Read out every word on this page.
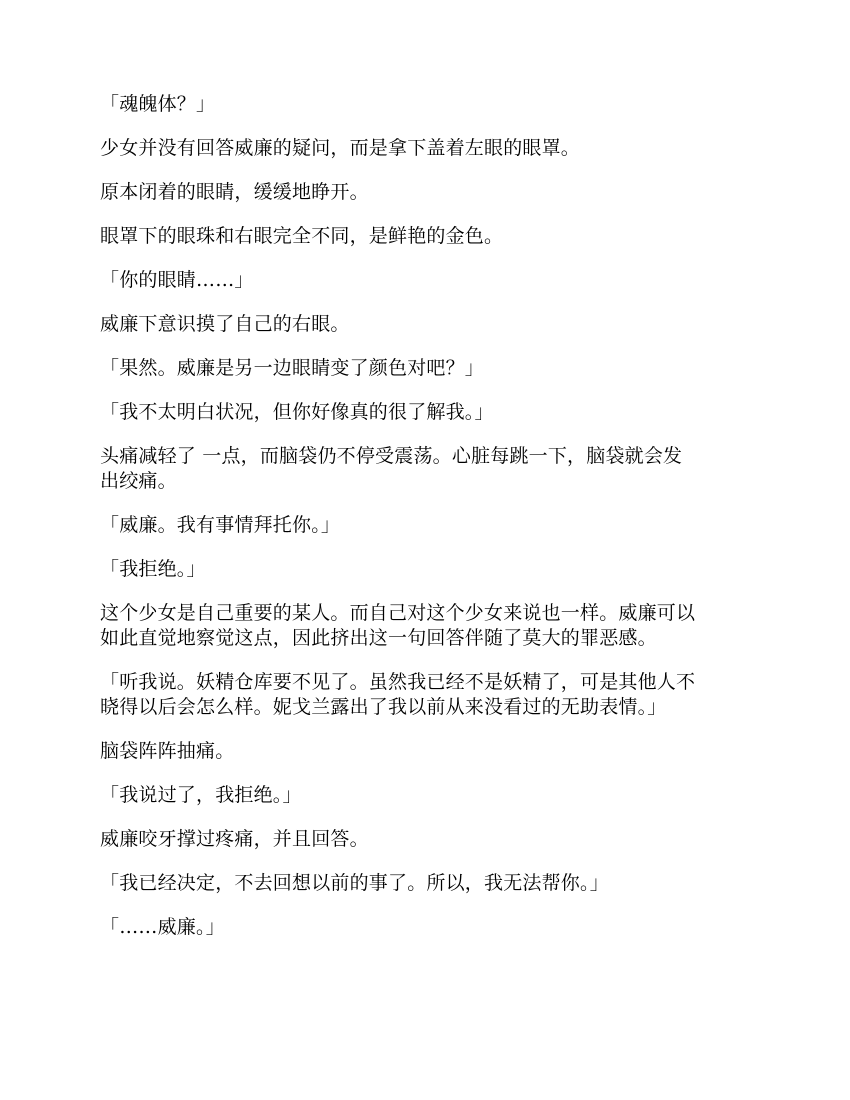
「魂魄体？」

少女并没有回答威廉的疑问，而是拿下盖着左眼的眼罩。

原本闭着的眼睛，缓缓地睁开。

眼罩下的眼珠和右眼完全不同，是鲜艳的金色。

「你的眼睛……」

威廉下意识摸了自己的右眼。

「果然。威廉是另一边眼睛变了颜色对吧？」

「我不太明白状况，但你好像真的很了解我。」

头痛减轻了 一点，而脑袋仍不停受震荡。心脏每跳一下，脑袋就会发
出绞痛。

「威廉。我有事情拜托你。」

「我拒绝。」

这个少女是自己重要的某人。而自己对这个少女来说也一样。威廉可以
如此直觉地察觉这点，因此挤出这一句回答伴随了莫大的罪恶感。

「听我说。妖精仓库要不见了。虽然我已经不是妖精了，可是其他人不
晓得以后会怎么样。妮戈兰露出了我以前从来没看过的无助表情。」

脑袋阵阵抽痛。

「我说过了，我拒绝。」

威廉咬牙撑过疼痛，并且回答。

「我已经决定，不去回想以前的事了。所以，我无法帮你。」

「……威廉。」
